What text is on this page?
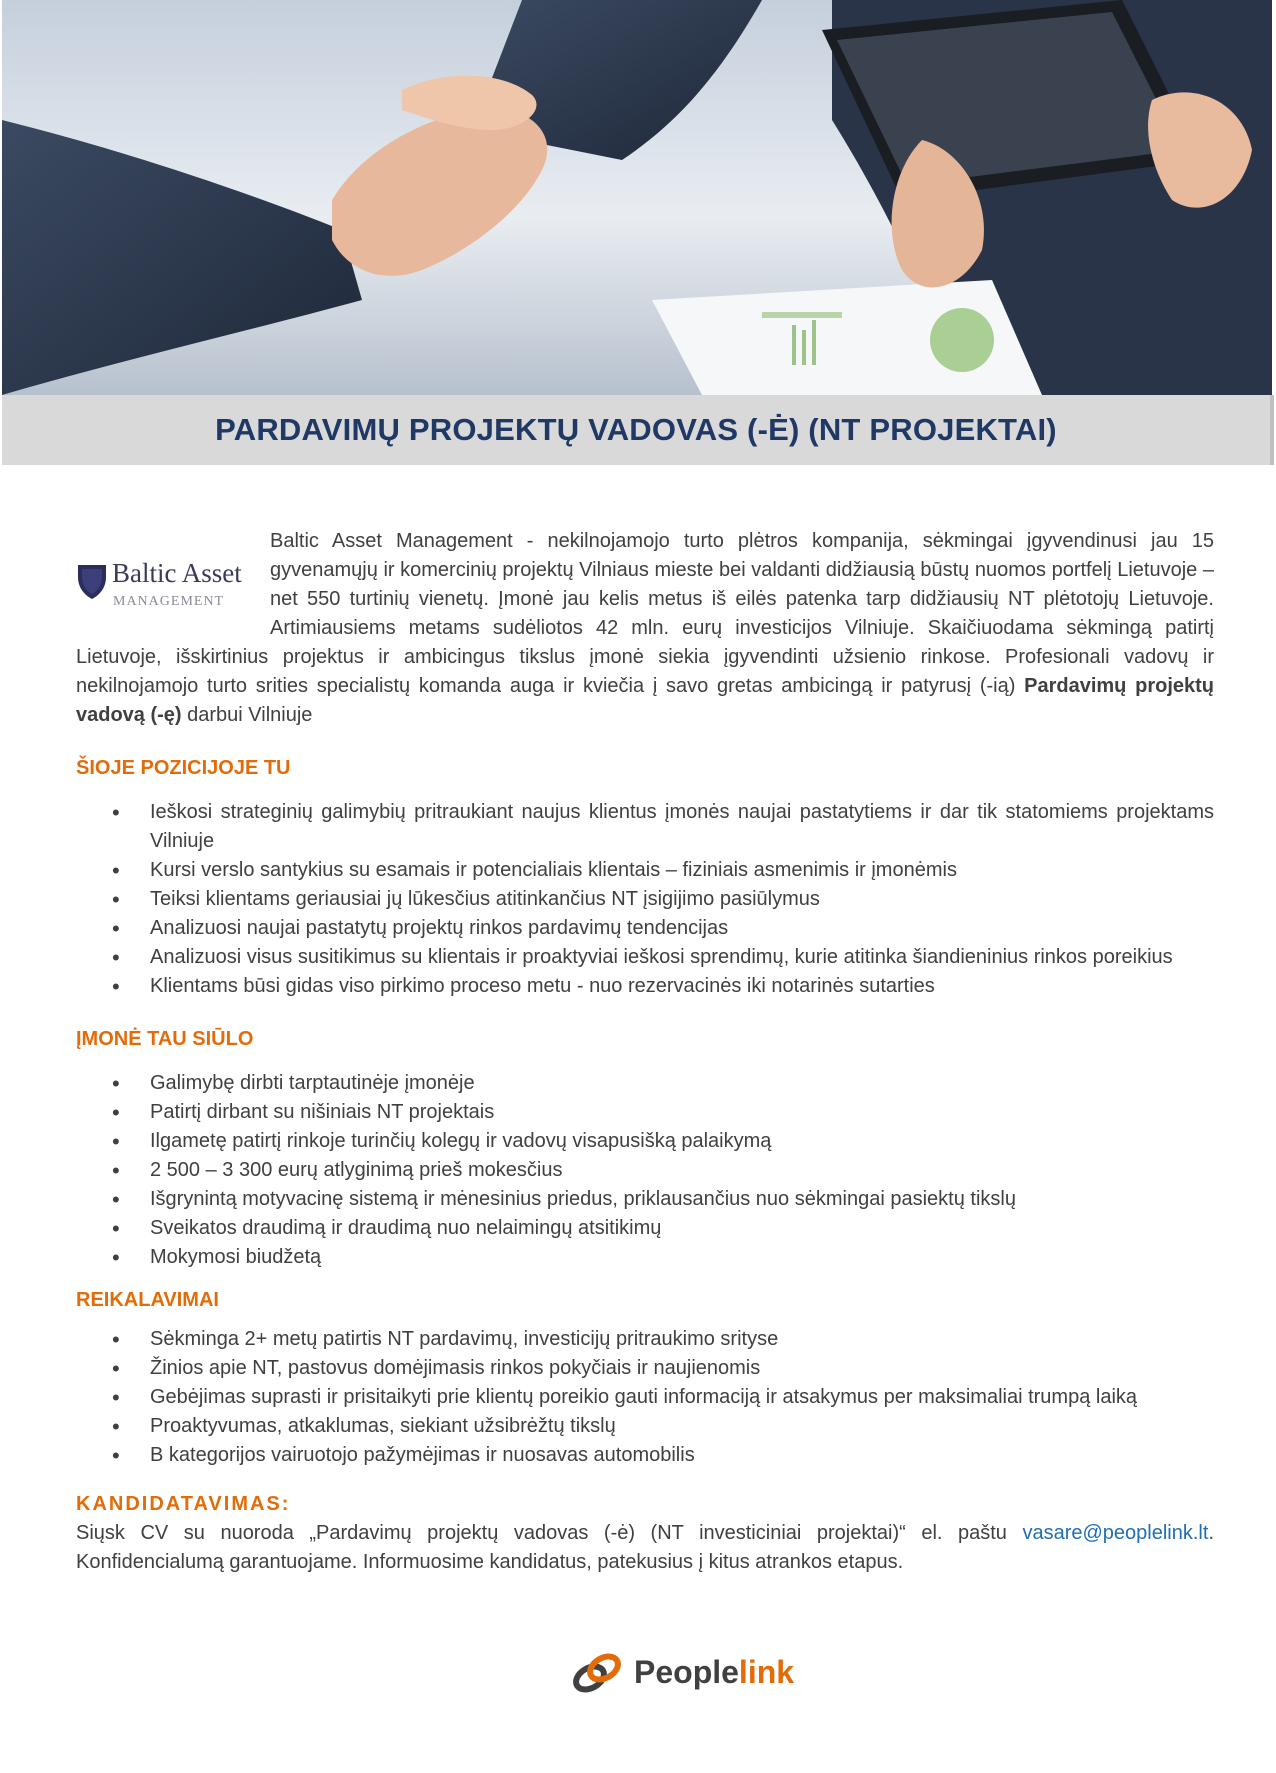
PARDAVIMŲ PROJEKTŲ VADOVAS (-Ė) (NT PROJEKTAI)

Baltic Asset
MANAGEMENT
Baltic Asset Management - nekilnojamojo turto plėtros kompanija, sėkmingai įgyvendinusi jau 15 gyvenamųjų ir komercinių projektų Vilniaus mieste bei valdanti didžiausią būstų nuomos portfelį Lietuvoje – net 550 turtinių vienetų. Įmonė jau kelis metus iš eilės patenka tarp didžiausių NT plėtotojų Lietuvoje. Artimiausiems metams sudėliotos 42 mln. eurų investicijos Vilniuje. Skaičiuodama sėkmingą patirtį Lietuvoje, išskirtinius projektus ir ambicingus tikslus įmonė siekia įgyvendinti užsienio rinkose. Profesionali vadovų ir nekilnojamojo turto srities specialistų komanda auga ir kviečia į savo gretas ambicingą ir patyrusį (-ią) Pardavimų projektų vadovą (-ę) darbui Vilniuje

ŠIOJE POZICIJOJE TU

• Ieškosi strateginių galimybių pritraukiant naujus klientus įmonės naujai pastatytiems ir dar tik statomiems projektams Vilniuje
• Kursi verslo santykius su esamais ir potencialiais klientais – fiziniais asmenimis ir įmonėmis
• Teiksi klientams geriausiai jų lūkesčius atitinkančius NT įsigijimo pasiūlymus
• Analizuosi naujai pastatytų projektų rinkos pardavimų tendencijas
• Analizuosi visus susitikimus su klientais ir proaktyviai ieškosi sprendimų, kurie atitinka šiandieninius rinkos poreikius
• Klientams būsi gidas viso pirkimo proceso metu - nuo rezervacinės iki notarinės sutarties

ĮMONĖ TAU SIŪLO

• Galimybę dirbti tarptautinėje įmonėje
• Patirtį dirbant su nišiniais NT projektais
• Ilgametę patirtį rinkoje turinčių kolegų ir vadovų visapusišką palaikymą
• 2 500 – 3 300 eurų atlyginimą prieš mokesčius
• Išgrynintą motyvacinę sistemą ir mėnesinius priedus, priklausančius nuo sėkmingai pasiektų tikslų
• Sveikatos draudimą ir draudimą nuo nelaimingų atsitikimų
• Mokymosi biudžetą

REIKALAVIMAI

• Sėkminga 2+ metų patirtis NT pardavimų, investicijų pritraukimo srityse
• Žinios apie NT, pastovus domėjimasis rinkos pokyčiais ir naujienomis
• Gebėjimas suprasti ir prisitaikyti prie klientų poreikio gauti informaciją ir atsakymus per maksimaliai trumpą laiką
• Proaktyvumas, atkaklumas, siekiant užsibrėžtų tikslų
• B kategorijos vairuotojo pažymėjimas ir nuosavas automobilis

KANDIDATAVIMAS:

Siųsk CV su nuoroda „Pardavimų projektų vadovas (-ė) (NT investiciniai projektai)“ el. paštu vasare@peoplelink.lt. Konfidencialumą garantuojame. Informuosime kandidatus, patekusius į kitus atrankos etapus.

Peoplelink
